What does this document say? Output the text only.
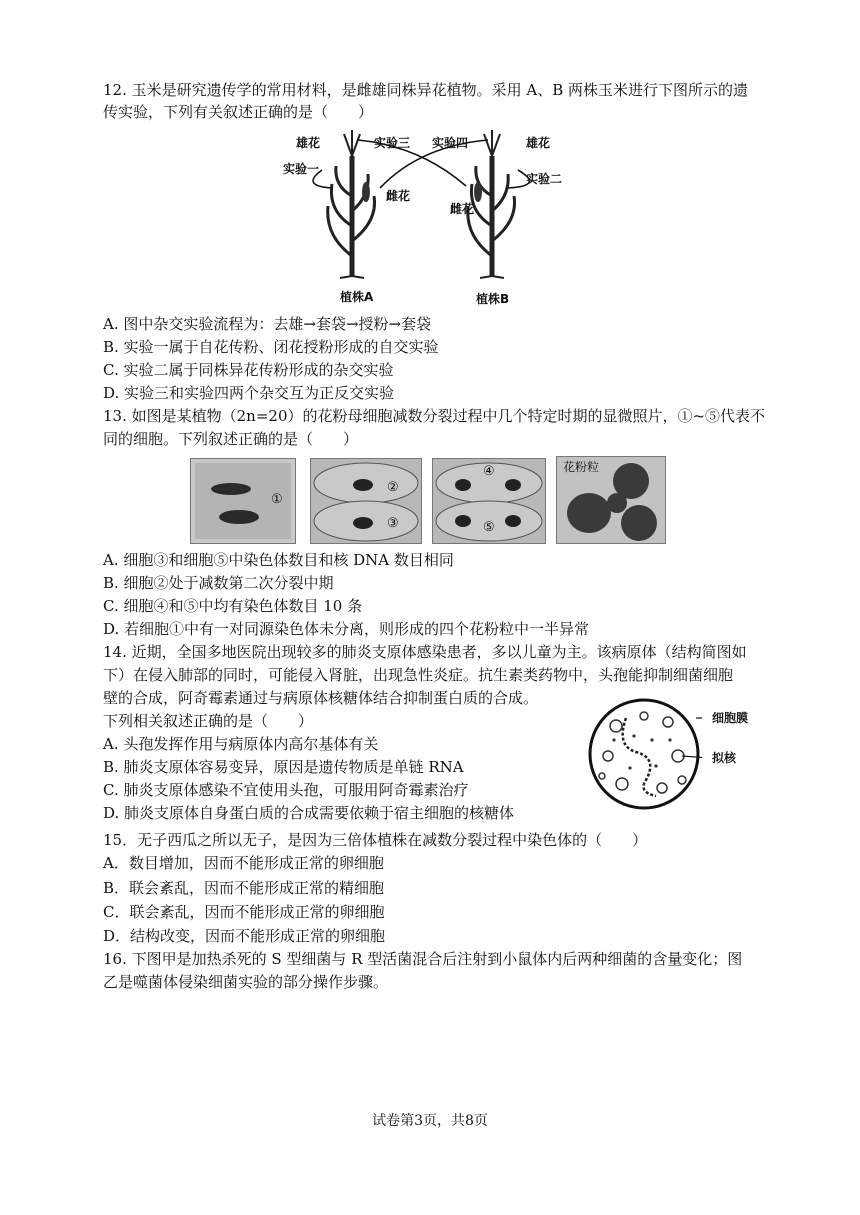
12. 玉米是研究遗传学的常用材料，是雌雄同株异花植物。采用 A、B 两株玉米进行下图所示的遗
传实验，下列有关叙述正确的是（　　）
雄花	实验三 实验四	雄花
实验一
实验二
雌花
雌花
植株A	植株B
A. 图中杂交实验流程为：去雄→套袋→授粉→套袋
B. 实验一属于自花传粉、闭花授粉形成的自交实验
C. 实验二属于同株异花传粉形成的杂交实验
D. 实验三和实验四两个杂交互为正反交实验
13. 如图是某植物（2n=20）的花粉母细胞减数分裂过程中几个特定时期的显微照片，①~⑤代表不
同的细胞。下列叙述正确的是（　　）
①
②
③
④
⑤
花粉粒
A. 细胞③和细胞⑤中染色体数目和核 DNA 数目相同
B. 细胞②处于减数第二次分裂中期
C. 细胞④和⑤中均有染色体数目 10 条
D. 若细胞①中有一对同源染色体未分离，则形成的四个花粉粒中一半异常
14. 近期，全国多地医院出现较多的肺炎支原体感染患者，多以儿童为主。该病原体（结构简图如
下）在侵入肺部的同时，可能侵入肾脏，出现急性炎症。抗生素类药物中，头孢能抑制细菌细胞
壁的合成，阿奇霉素通过与病原体核糖体结合抑制蛋白质的合成。
下列相关叙述正确的是（　　）
A. 头孢发挥作用与病原体内高尔基体有关
B. 肺炎支原体容易变异，原因是遗传物质是单链 RNA
C. 肺炎支原体感染不宜使用头孢，可服用阿奇霉素治疗
D. 肺炎支原体自身蛋白质的合成需要依赖于宿主细胞的核糖体
细胞膜
拟核
15．无子西瓜之所以无子，是因为三倍体植株在减数分裂过程中染色体的（　　）
A．数目增加，因而不能形成正常的卵细胞
B．联会紊乱，因而不能形成正常的精细胞
C．联会紊乱，因而不能形成正常的卵细胞
D．结构改变，因而不能形成正常的卵细胞
16. 下图甲是加热杀死的 S 型细菌与 R 型活菌混合后注射到小鼠体内后两种细菌的含量变化；图
乙是噬菌体侵染细菌实验的部分操作步骤。
试卷第3页，共8页
